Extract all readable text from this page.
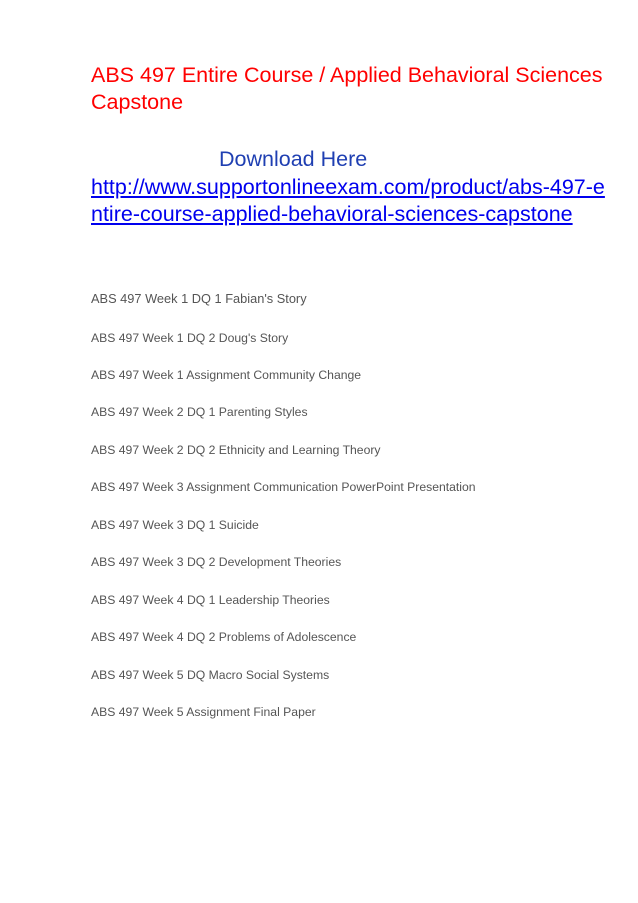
ABS 497 Entire Course / Applied Behavioral Sciences Capstone

Download Here

http://www.supportonlineexam.com/product/abs-497-entire-course-applied-behavioral-sciences-capstone

ABS 497 Week 1 DQ 1 Fabian's Story

ABS 497 Week 1 DQ 2 Doug's Story

ABS 497 Week 1 Assignment Community Change

ABS 497 Week 2 DQ 1 Parenting Styles

ABS 497 Week 2 DQ 2 Ethnicity and Learning Theory

ABS 497 Week 3 Assignment Communication PowerPoint Presentation

ABS 497 Week 3 DQ 1 Suicide

ABS 497 Week 3 DQ 2 Development Theories

ABS 497 Week 4 DQ 1 Leadership Theories

ABS 497 Week 4 DQ 2 Problems of Adolescence

ABS 497 Week 5 DQ Macro Social Systems

ABS 497 Week 5 Assignment Final Paper
